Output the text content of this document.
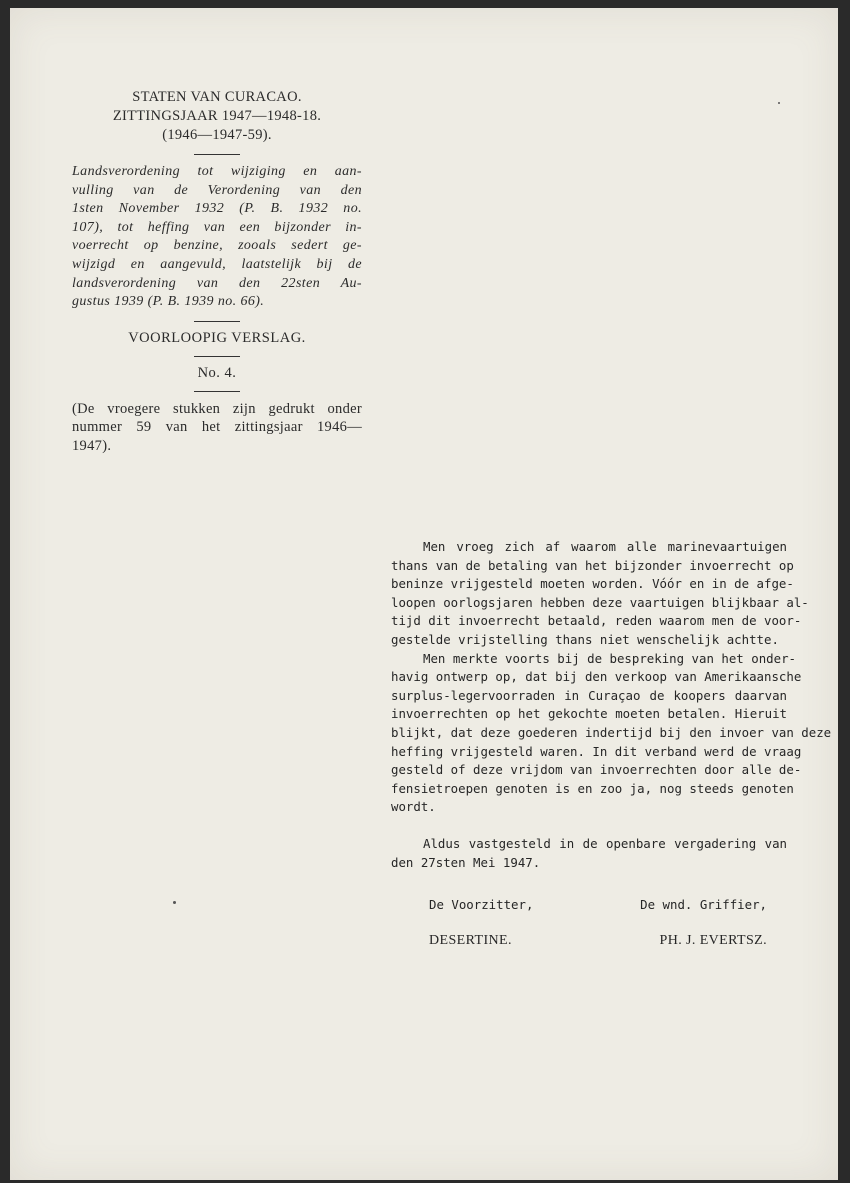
STATEN VAN CURACAO.
ZITTINGSJAAR 1947—1948-18.
(1946—1947-59).
Landsverordening tot wijziging en aan-
vulling van de Verordening van den
1sten November 1932 (P. B. 1932 no.
107), tot heffing van een bijzonder in-
voerrecht op benzine, zooals sedert ge-
wijzigd en aangevuld, laatstelijk bij de
landsverordening van den 22sten Au-
gustus 1939 (P. B. 1939 no. 66).
VOORLOOPIG VERSLAG.
No. 4.
(De vroegere stukken zijn gedrukt onder
nummer 59 van het zittingsjaar 1946—
1947).
Men vroeg zich af waarom alle marinevaartuigen
thans van de betaling van het bijzonder invoerrecht op
beninze vrijgesteld moeten worden. Vóór en in de afge-
loopen oorlogsjaren hebben deze vaartuigen blijkbaar al-
tijd dit invoerrecht betaald, reden waarom men de voor-
gestelde vrijstelling thans niet wenschelijk achtte.
Men merkte voorts bij de bespreking van het onder-
havig ontwerp op, dat bij den verkoop van Amerikaansche
surplus-legervoorraden in Curaçao de koopers daarvan
invoerrechten op het gekochte moeten betalen. Hieruit
blijkt, dat deze goederen indertijd bij den invoer van deze
heffing vrijgesteld waren. In dit verband werd de vraag
gesteld of deze vrijdom van invoerrechten door alle de-
fensietroepen genoten is en zoo ja, nog steeds genoten
wordt.
Aldus vastgesteld in de openbare vergadering van
den 27sten Mei 1947.
De Voorzitter,	De wnd. Griffier,
DESERTINE.	PH. J. EVERTSZ.
